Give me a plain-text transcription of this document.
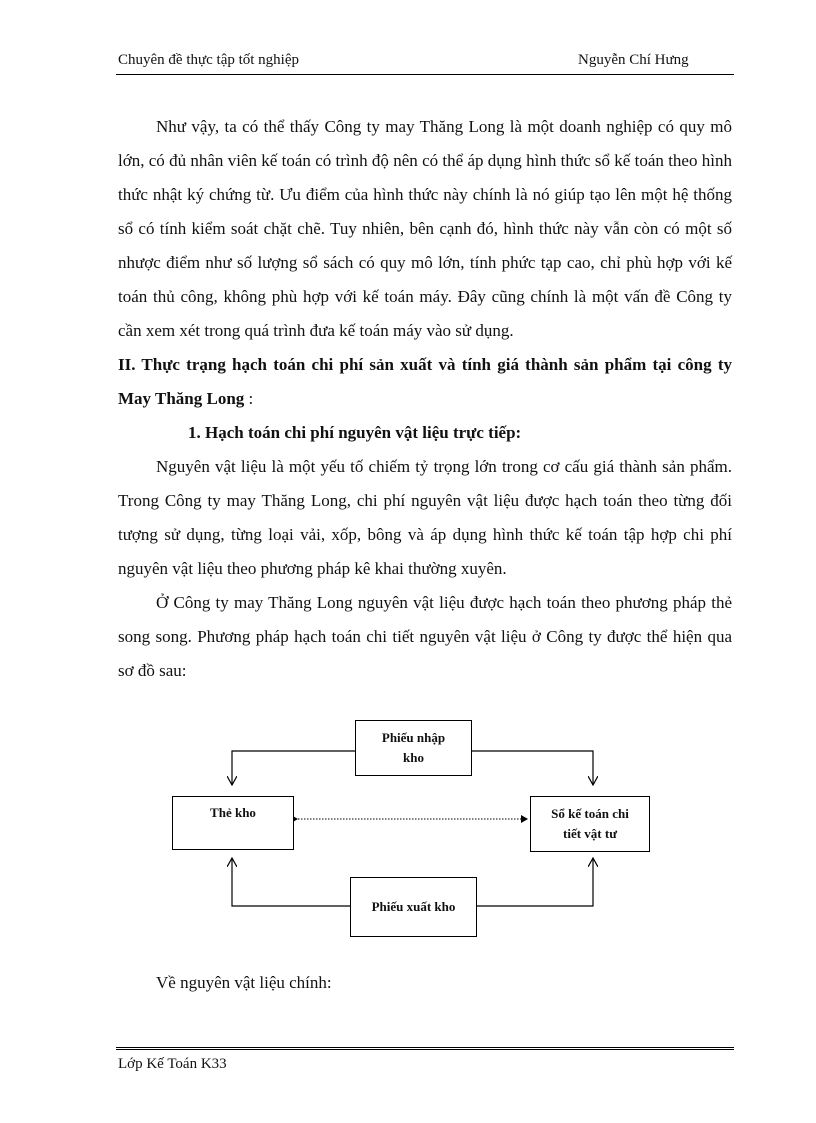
Chuyên đề thực tập tốt nghiệp	Nguyễn Chí Hưng

Như vậy, ta có thể thấy Công ty may Thăng Long là một doanh nghiệp có quy mô lớn, có đủ nhân viên kế toán có trình độ nên có thể áp dụng hình thức sổ kế toán theo hình thức nhật ký chứng từ. Ưu điểm của hình thức này chính là nó giúp tạo lên một hệ thống sổ có tính kiểm soát chặt chẽ. Tuy nhiên, bên cạnh đó, hình thức này vẫn còn có một số nhược điểm như số lượng sổ sách có quy mô lớn, tính phức tạp cao, chỉ phù hợp với kế toán thủ công, không phù hợp với kế toán máy. Đây cũng chính là một vấn đề Công ty cần xem xét trong quá trình đưa kế toán máy vào sử dụng.

II. Thực trạng hạch toán chi phí sản xuất và tính giá thành sản phẩm tại công ty May Thăng Long :

1. Hạch toán chi phí nguyên vật liệu trực tiếp:

Nguyên vật liệu là một yếu tố chiếm tỷ trọng lớn trong cơ cấu giá thành sản phẩm. Trong Công ty may Thăng Long, chi phí nguyên vật liệu được hạch toán theo từng đối tượng sử dụng, từng loại vải, xốp, bông và áp dụng hình thức kế toán tập hợp chi phí nguyên vật liệu theo phương pháp kê khai thường xuyên.

Ở Công ty may Thăng Long nguyên vật liệu được hạch toán theo phương pháp thẻ song song. Phương pháp hạch toán chi tiết nguyên vật liệu ở Công ty được thể hiện qua sơ đồ sau:

Phiếu nhập
kho
Thẻ kho	Sổ kế toán chi
tiết vật tư
Phiếu xuất kho

Về nguyên vật liệu chính:

Lớp Kế Toán K33
